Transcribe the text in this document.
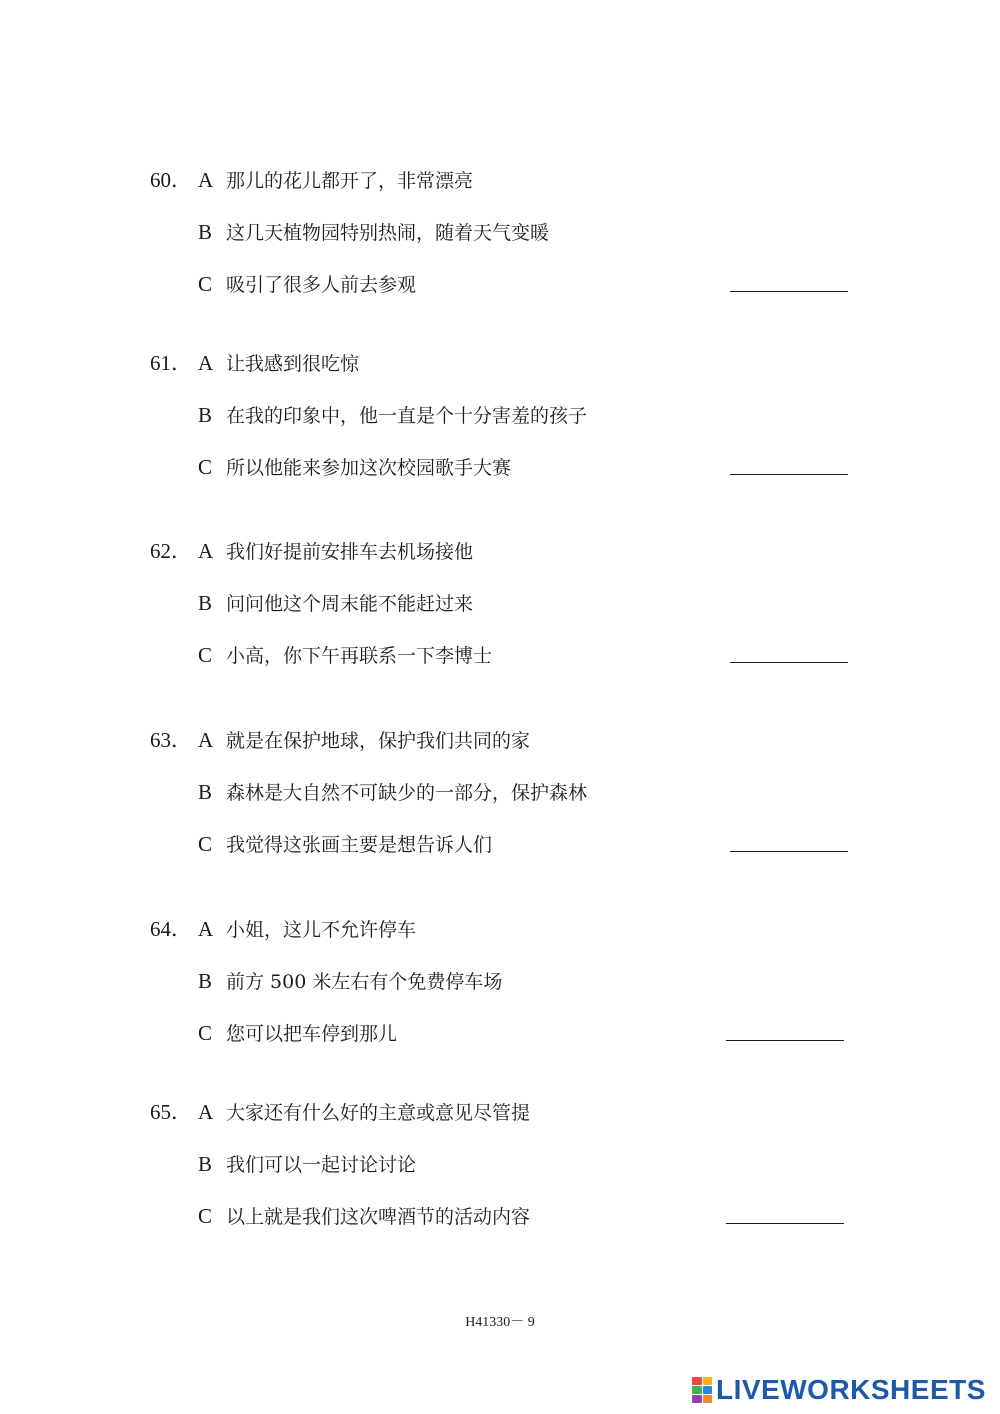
60． A 那儿的花儿都开了，非常漂亮
B 这几天植物园特别热闹，随着天气变暖
C 吸引了很多人前去参观
61． A 让我感到很吃惊
B 在我的印象中，他一直是个十分害羞的孩子
C 所以他能来参加这次校园歌手大赛
62． A 我们好提前安排车去机场接他
B 问问他这个周末能不能赶过来
C 小高，你下午再联系一下李博士
63． A 就是在保护地球，保护我们共同的家
B 森林是大自然不可缺少的一部分，保护森林
C 我觉得这张画主要是想告诉人们
64． A 小姐，这儿不允许停车
B 前方 500 米左右有个免费停车场
C 您可以把车停到那儿
65． A 大家还有什么好的主意或意见尽管提
B 我们可以一起讨论讨论
C 以上就是我们这次啤酒节的活动内容
H41330－ 9
LIVEWORKSHEETS
